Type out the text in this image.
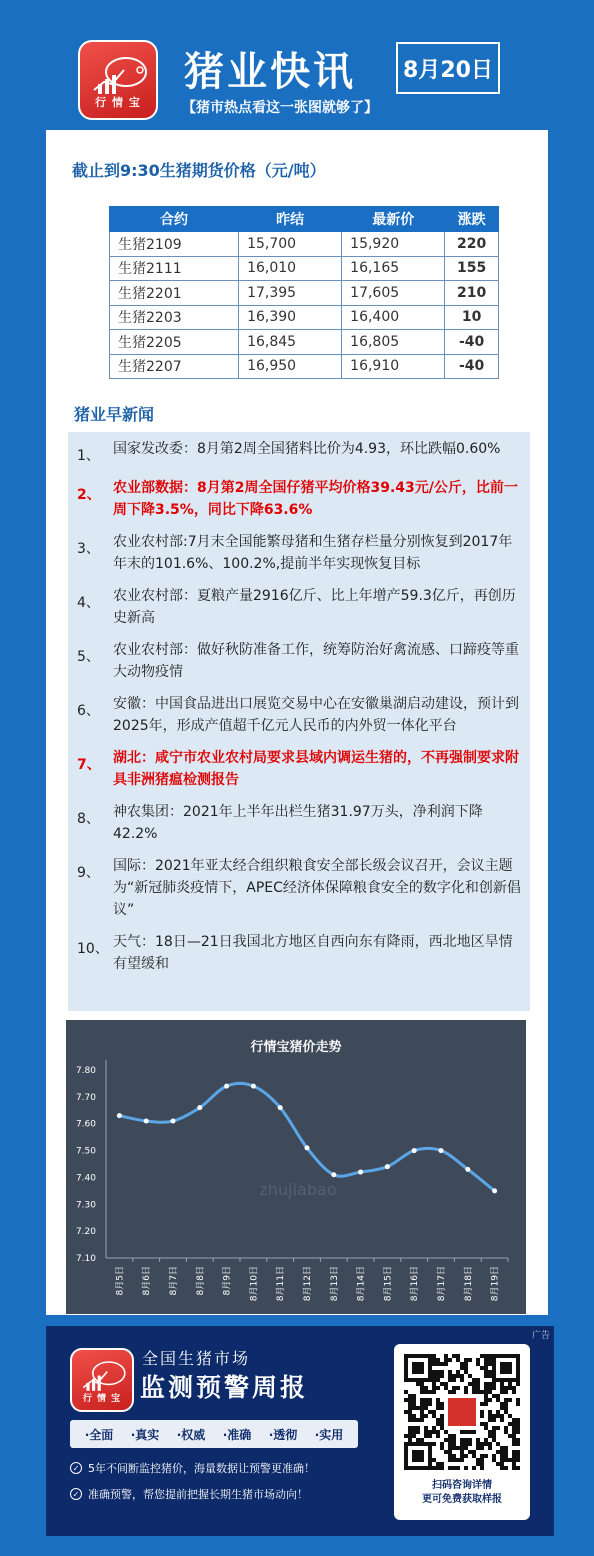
行 情 宝
猪业快讯
【猪市热点看这一张图就够了】
8月20日
截止到9:30生猪期货价格（元/吨）
合约	昨结	最新价	涨跌
生猪2109	15,700	15,920	220
生猪2111	16,010	16,165	155
生猪2201	17,395	17,605	210
生猪2203	16,390	16,400	10
生猪2205	16,845	16,805	-40
生猪2207	16,950	16,910	-40
猪业早新闻
1、 国家发改委：8月第2周全国猪料比价为4.93，环比跌幅0.60%
2、 农业部数据：8月第2周全国仔猪平均价格39.43元/公斤，比前一周下降3.5%，同比下降63.6%
3、 农业农村部:7月末全国能繁母猪和生猪存栏量分别恢复到2017年年末的101.6%、100.2%,提前半年实现恢复目标
4、 农业农村部：夏粮产量2916亿斤、比上年增产59.3亿斤，再创历史新高
5、 农业农村部：做好秋防准备工作，统筹防治好禽流感、口蹄疫等重大动物疫情
6、 安徽：中国食品进出口展览交易中心在安徽巢湖启动建设，预计到2025年，形成产值超千亿元人民币的内外贸一体化平台
7、 湖北：咸宁市农业农村局要求县域内调运生猪的，不再强制要求附具非洲猪瘟检测报告
8、 神农集团：2021年上半年出栏生猪31.97万头，净利润下降42.2%
9、 国际：2021年亚太经合组织粮食安全部长级会议召开，会议主题为“新冠肺炎疫情下，APEC经济体保障粮食安全的数字化和创新倡议”
10、 天气：18日—21日我国北方地区自西向东有降雨，西北地区旱情有望缓和
zhujiabao
7.10
7.20
7.30
7.40
7.50
7.60
7.70
7.80
8月5日 8月6日 8月7日 8月8日 8月9日 8月10日 8月11日 8月12日 8月13日 8月14日 8月15日 8月16日 8月17日 8月18日 8月19日
行情宝猪价走势
广告
行 情 宝
全国生猪市场
监测预警周报
·全面 ·真实 ·权威 ·准确 ·透彻 ·实用
✓ 5年不间断监控猪价，海量数据让预警更准确！
✓ 准确预警，帮您提前把握长期生猪市场动向！
扫码咨询详情
更可免费获取样报
